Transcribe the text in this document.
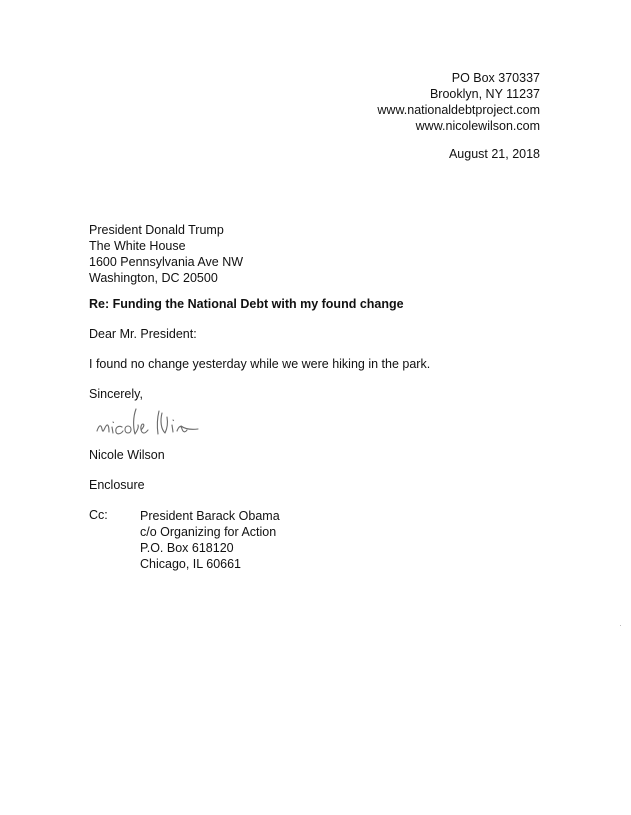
PO Box 370337
Brooklyn, NY 11237
www.nationaldebtproject.com
www.nicolewilson.com
August 21, 2018
President Donald Trump
The White House
1600 Pennsylvania Ave NW
Washington, DC 20500
Re: Funding the National Debt with my found change
Dear Mr. President:
I found no change yesterday while we were hiking in the park.
Sincerely,
Nicole Wilson
Enclosure
Cc:	President Barack Obama
c/o Organizing for Action
P.O. Box 618120
Chicago, IL 60661
